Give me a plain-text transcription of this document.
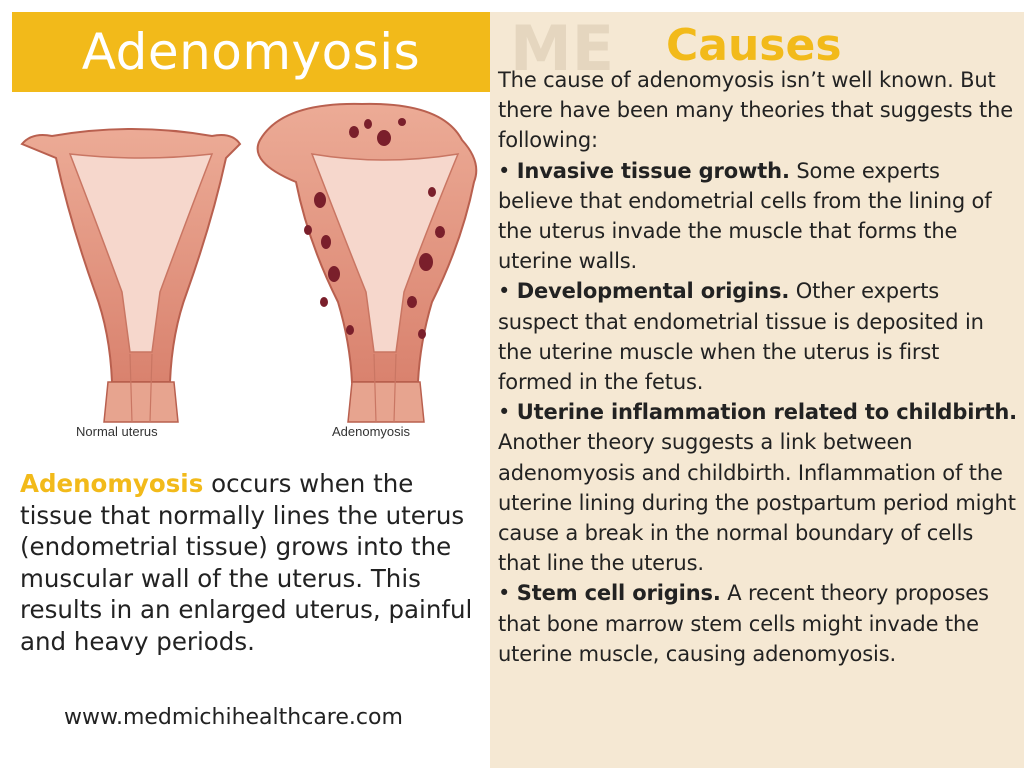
Adenomyosis
Normal uterus	Adenomyosis
Adenomyosis occurs when the tissue that normally lines the uterus (endometrial tissue) grows into the muscular wall of the uterus. This results in an enlarged uterus, painful and heavy periods.
www.medmichihealthcare.com
ME Causes

The cause of adenomyosis isn’t well known. But there have been many theories that suggests the following:

• Invasive tissue growth. Some experts believe that endometrial cells from the lining of the uterus invade the muscle that forms the uterine walls.

• Developmental origins. Other experts suspect that endometrial tissue is deposited in the uterine muscle when the uterus is first formed in the fetus.

• Uterine inflammation related to childbirth. Another theory suggests a link between adenomyosis and childbirth. Inflammation of the uterine lining during the postpartum period might cause a break in the normal boundary of cells that line the uterus.

• Stem cell origins. A recent theory proposes that bone marrow stem cells might invade the uterine muscle, causing adenomyosis.
